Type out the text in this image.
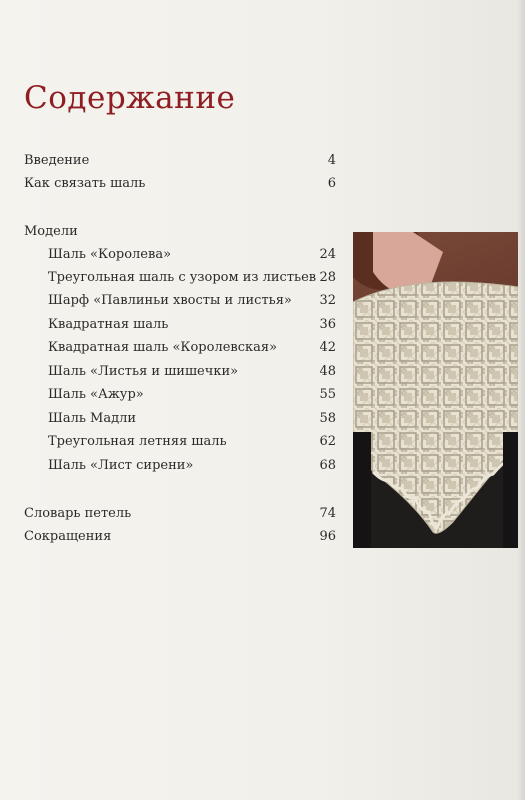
Содержание
Введение	4
Как связать шаль	6
Модели
Шаль «Королева»	24
Треугольная шаль с узором из листьев 28
Шарф «Павлиньи хвосты и листья» 32
Квадратная шаль	36
Квадратная шаль «Королевская»	42
Шаль «Листья и шишечки»	48
Шаль «Ажур»	55
Шаль Мадли	58
Треугольная летняя шаль	62
Шаль «Лист сирени»	68
Словарь петель	74
Сокращения	96
